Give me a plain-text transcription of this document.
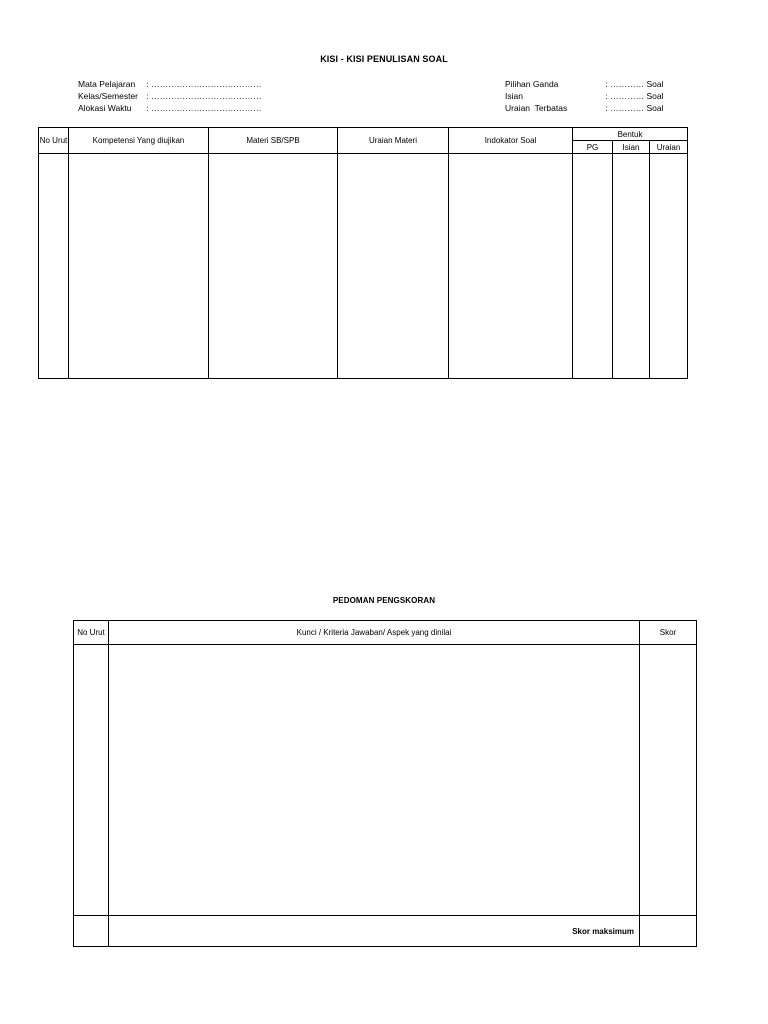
KISI - KISI PENULISAN SOAL
Mata Pelajaran : …………………………………
Kelas/Semester : …………………………………
Alokasi Waktu : …………………………………
Pilihan Ganda	: ………… Soal
Isian	: ………… Soal
Uraian  Terbatas	: ………… Soal
No Urut	Kompetensi Yang diujikan	Materi SB/SPB	Uraian Materi	Indokator Soal	Bentuk		
					PG	Isian	Uraian

PEDOMAN PENGSKORAN
No Urut	Kunci / Kriteria Jawaban/ Aspek yang dinilai	Skor

	Skor maksimum	
